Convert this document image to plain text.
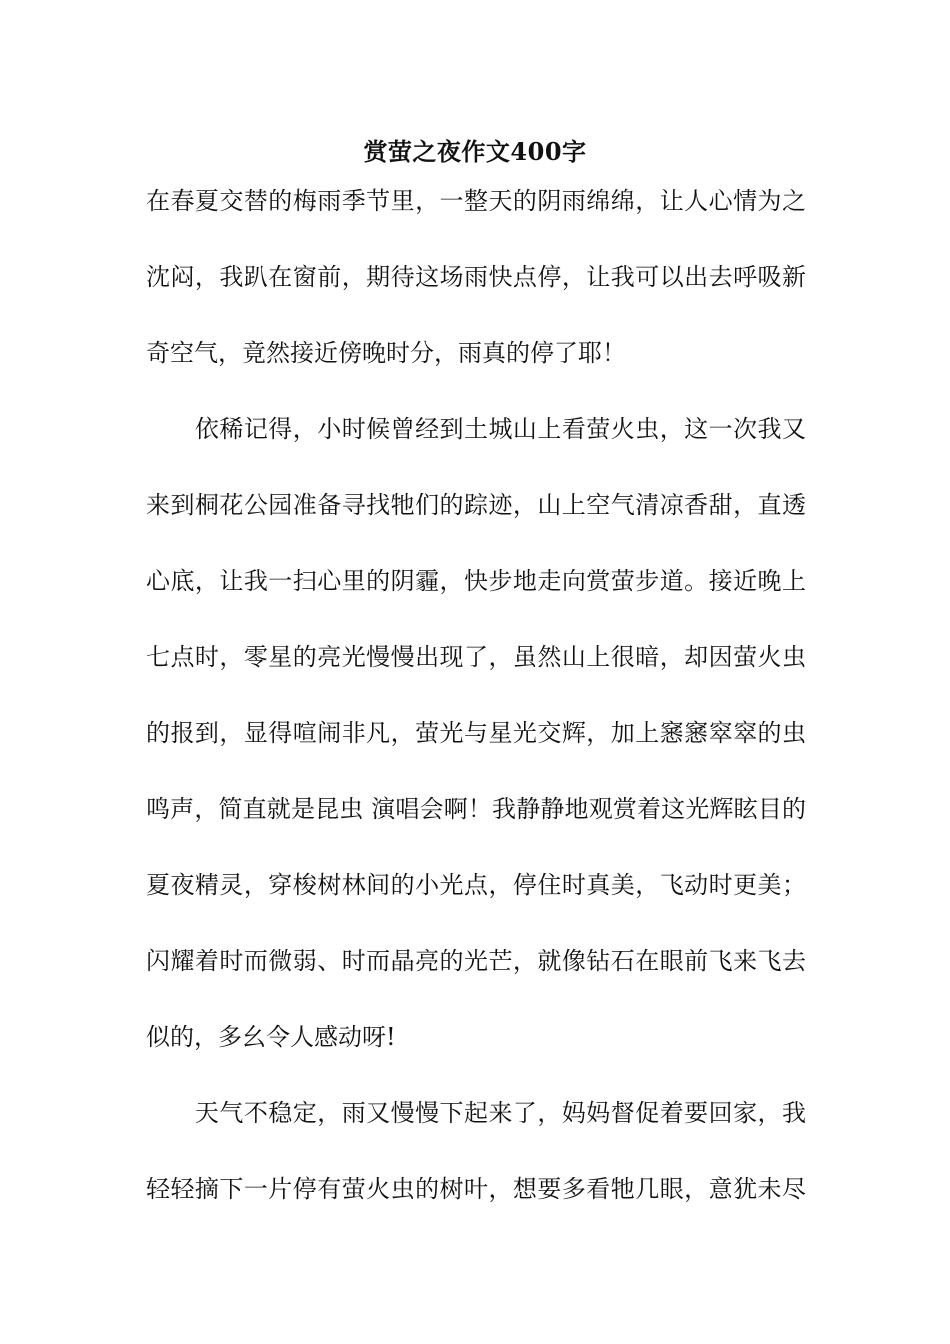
赏萤之夜作文400字
在春夏交替的梅雨季节里，一整天的阴雨绵绵，让人心情为之
沈闷，我趴在窗前，期待这场雨快点停，让我可以出去呼吸新
奇空气，竟然接近傍晚时分，雨真的停了耶！
　　依稀记得，小时候曾经到土城山上看萤火虫，这一次我又
来到桐花公园准备寻找牠们的踪迹，山上空气清凉香甜，直透
心底，让我一扫心里的阴霾，快步地走向赏萤步道。接近晚上
七点时，零星的亮光慢慢出现了，虽然山上很暗，却因萤火虫
的报到，显得喧闹非凡，萤光与星光交辉，加上窸窸窣窣的虫
鸣声，简直就是昆虫 演唱会啊！我静静地观赏着这光辉眩目的
夏夜精灵，穿梭树林间的小光点，停住时真美，飞动时更美；
闪耀着时而微弱、时而晶亮的光芒，就像钻石在眼前飞来飞去
似的，多幺令人感动呀!
　　天气不稳定，雨又慢慢下起来了，妈妈督促着要回家，我
轻轻摘下一片停有萤火虫的树叶，想要多看牠几眼，意犹未尽
